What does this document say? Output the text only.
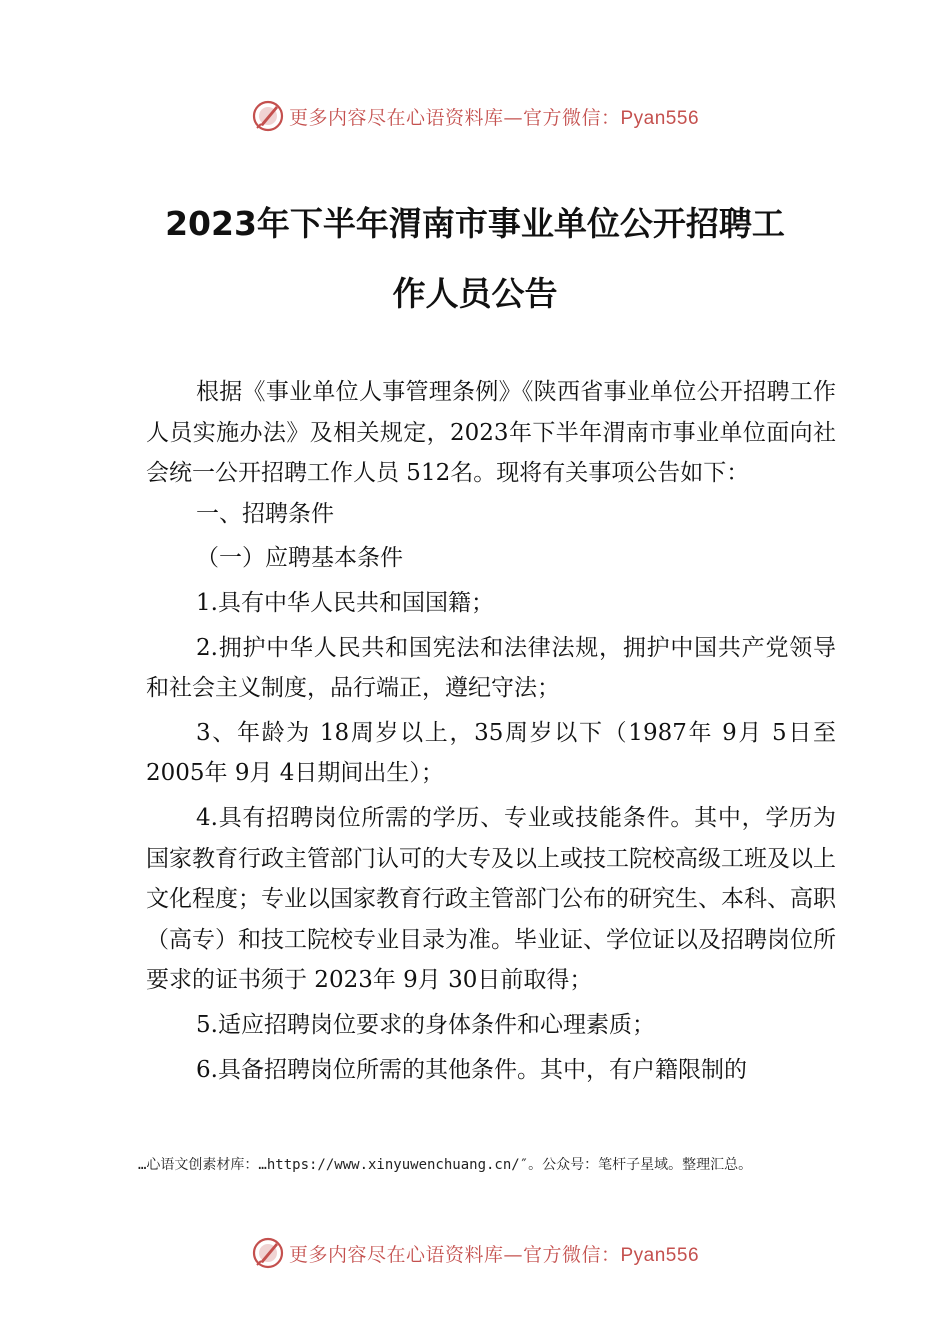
更多内容尽在心语资料库—官方微信：Pyan556
2023年下半年渭南市事业单位公开招聘工
作人员公告

根据《事业单位人事管理条例》《陕西省事业单位公开招聘工作人员实施办法》及相关规定，2023年下半年渭南市事业单位面向社会统一公开招聘工作人员 512名。现将有关事项公告如下：

一、招聘条件

（一）应聘基本条件

1.具有中华人民共和国国籍；

2.拥护中华人民共和国宪法和法律法规，拥护中国共产党领导和社会主义制度，品行端正，遵纪守法；

3、年龄为 18周岁以上，35周岁以下（1987年 9月 5日至 2005年 9月 4日期间出生）；

4.具有招聘岗位所需的学历、专业或技能条件。其中，学历为国家教育行政主管部门认可的大专及以上或技工院校高级工班及以上文化程度；专业以国家教育行政主管部门公布的研究生、本科、高职（高专）和技工院校专业目录为准。毕业证、学位证以及招聘岗位所要求的证书须于 2023年 9月 30日前取得；

5.适应招聘岗位要求的身体条件和心理素质；

6.具备招聘岗位所需的其他条件。其中，有户籍限制的

…心语文创素材库：…https://www.xinyuwenchuang.cn/″。公众号：笔杆子星域。整理汇总。
更多内容尽在心语资料库—官方微信：Pyan556
